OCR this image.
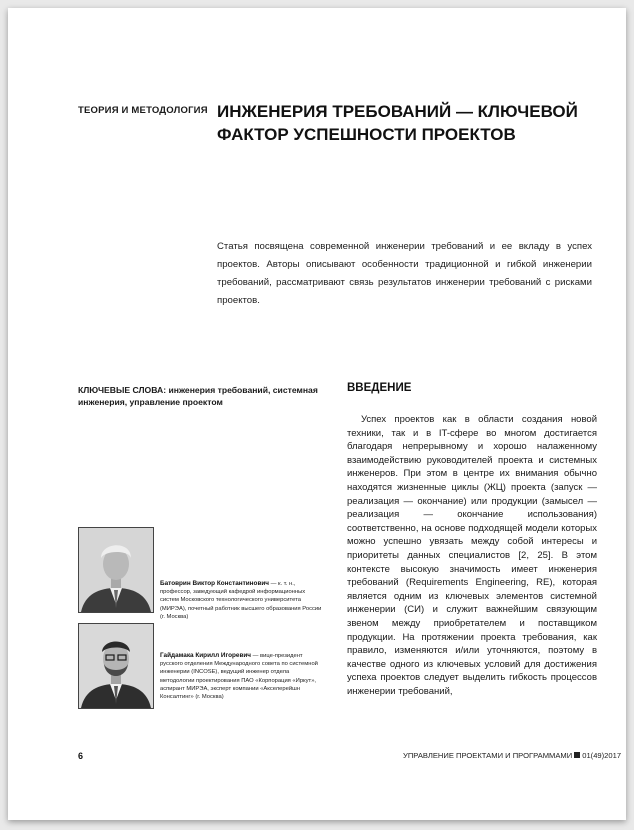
ТЕОРИЯ И МЕТОДОЛОГИЯ ИНЖЕНЕРИЯ ТРЕБОВАНИЙ — КЛЮЧЕВОЙ ФАКТОР УСПЕШНОСТИ ПРОЕКТОВ
Статья посвящена современной инженерии требований и ее вкладу в успех проектов. Авторы описывают особенности традиционной и гибкой инженерии требований, рассматривают связь результатов инженерии требований с рисками проектов.
КЛЮЧЕВЫЕ СЛОВА: инженерия требований, системная инженерия, управление проектом
Батоврин Виктор Константинович — к. т. н., профессор, заведующий кафедрой информационных систем Московского технологического университета (МИРЭА), почетный работник высшего образования России (г. Москва)
Гайдамака Кирилл Игоревич — вице-президент русского отделения Международного совета по системной инженерии (INCOSE), ведущий инженер отдела методологии проектирования ПАО «Корпорация «Иркут», аспирант МИРЭА, эксперт компании «Акселерейшн Консалтинг» (г. Москва)
ВВЕДЕНИЕ

Успех проектов как в области создания новой техники, так и в IT-сфере во многом достигается благодаря непрерывному и хорошо налаженному взаимодействию руководителей проекта и системных инженеров. При этом в центре их внимания обычно находятся жизненные циклы (ЖЦ) проекта (запуск — реализация — окончание) или продукции (замысел — реализация — окончание использования) соответственно, на основе подходящей модели которых можно успешно увязать между собой интересы и приоритеты данных специалистов [2, 25]. В этом контексте высокую значимость имеет инженерия требований (Requirements Engineering, RE), которая является одним из ключевых элементов системной инженерии (СИ) и служит важнейшим связующим звеном между приобретателем и поставщиком продукции. На протяжении проекта требования, как правило, изменяются и/или уточняются, поэтому в качестве одного из ключевых условий для достижения успеха проектов следует выделить гибкость процессов инженерии требований,

6	УПРАВЛЕНИЕ ПРОЕКТАМИ И ПРОГРАММАМИ 01(49)2017
